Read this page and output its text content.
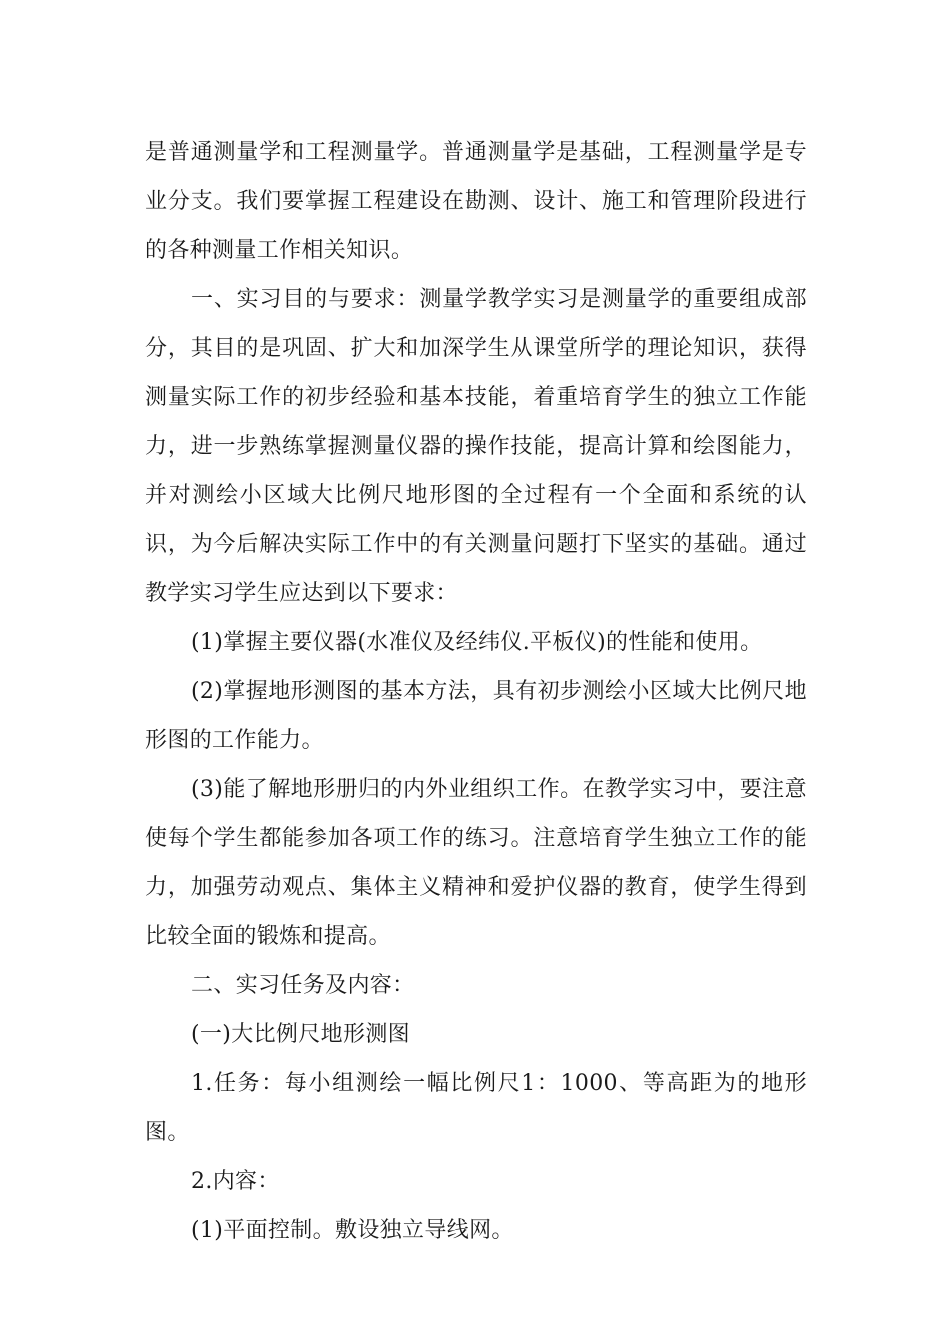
是普通测量学和工程测量学。普通测量学是基础，工程测量学是专业分支。我们要掌握工程建设在勘测、设计、施工和管理阶段进行的各种测量工作相关知识。

一、实习目的与要求：测量学教学实习是测量学的重要组成部分，其目的是巩固、扩大和加深学生从课堂所学的理论知识，获得测量实际工作的初步经验和基本技能，着重培育学生的独立工作能力，进一步熟练掌握测量仪器的操作技能，提高计算和绘图能力，并对测绘小区域大比例尺地形图的全过程有一个全面和系统的认识，为今后解决实际工作中的有关测量问题打下坚实的基础。通过教学实习学生应达到以下要求：

(1)掌握主要仪器(水准仪及经纬仪.平板仪)的性能和使用。

(2)掌握地形测图的基本方法，具有初步测绘小区域大比例尺地形图的工作能力。

(3)能了解地形册归的内外业组织工作。在教学实习中，要注意使每个学生都能参加各项工作的练习。注意培育学生独立工作的能力，加强劳动观点、集体主义精神和爱护仪器的教育，使学生得到比较全面的锻炼和提高。

二、实习任务及内容：

(一)大比例尺地形测图

1.任务：每小组测绘一幅比例尺1：1000、等高距为的地形图。

2.内容：

(1)平面控制。敷设独立导线网。
